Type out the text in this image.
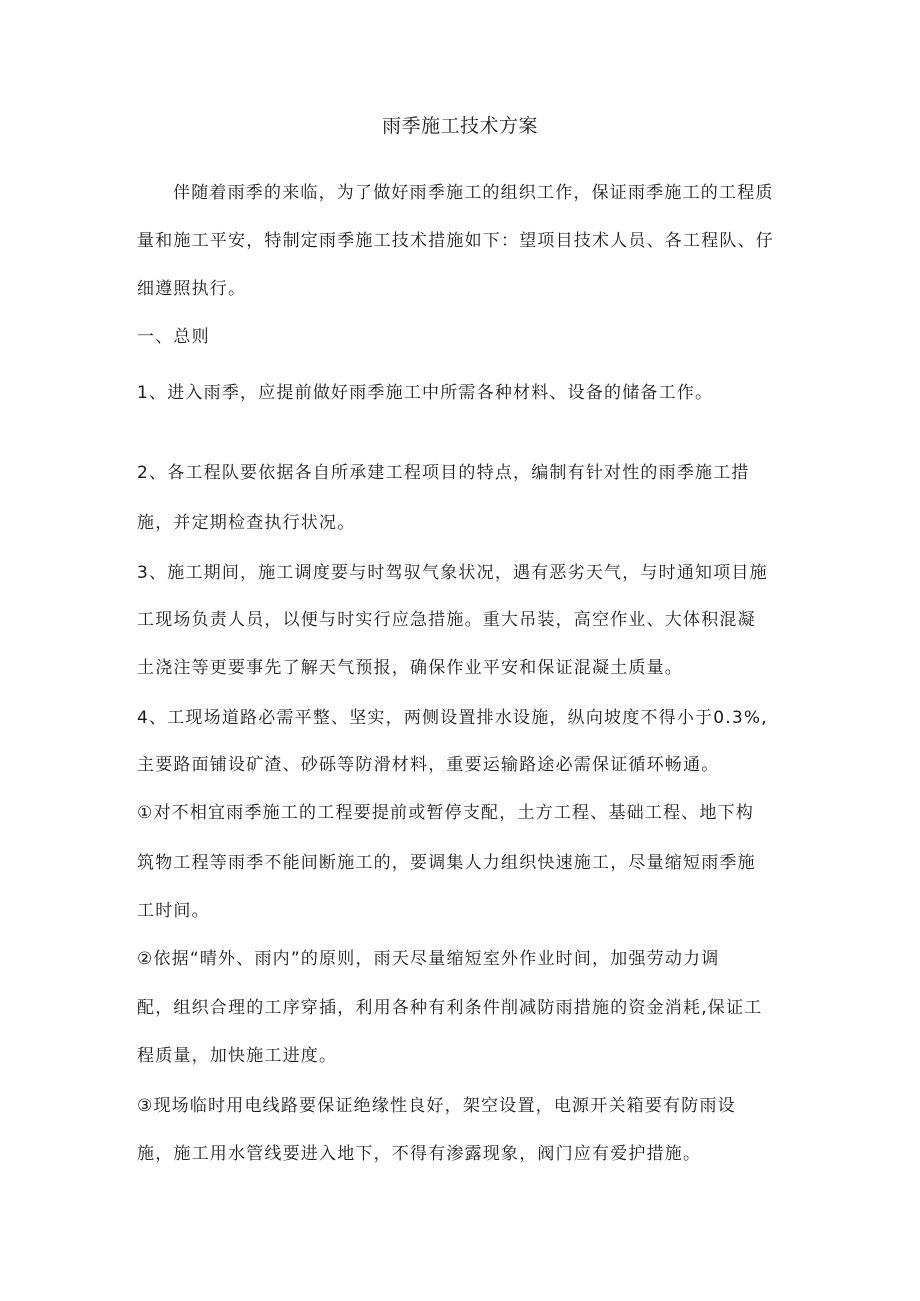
雨季施工技术方案
伴随着雨季的来临，为了做好雨季施工的组织工作，保证雨季施工的工程质
量和施工平安，特制定雨季施工技术措施如下：望项目技术人员、各工程队、仔
细遵照执行。
一、总则
1、进入雨季，应提前做好雨季施工中所需各种材料、设备的储备工作。
2、各工程队要依据各自所承建工程项目的特点，编制有针对性的雨季施工措
施，并定期检查执行状况。
3、施工期间，施工调度要与时驾驭气象状况，遇有恶劣天气，与时通知项目施
工现场负责人员，以便与时实行应急措施。重大吊装，高空作业、大体积混凝
土浇注等更要事先了解天气预报，确保作业平安和保证混凝土质量。
4、工现场道路必需平整、坚实，两侧设置排水设施，纵向坡度不得小于0.3%,
主要路面铺设矿渣、砂砾等防滑材料，重要运输路途必需保证循环畅通。
①对不相宜雨季施工的工程要提前或暂停支配，土方工程、基础工程、地下构
筑物工程等雨季不能间断施工的，要调集人力组织快速施工，尽量缩短雨季施
工时间。
②依据“晴外、雨内”的原则，雨天尽量缩短室外作业时间，加强劳动力调
配，组织合理的工序穿插，利用各种有利条件削减防雨措施的资金消耗,保证工
程质量，加快施工进度。
③现场临时用电线路要保证绝缘性良好，架空设置，电源开关箱要有防雨设
施，施工用水管线要进入地下，不得有渗露现象，阀门应有爱护措施。
